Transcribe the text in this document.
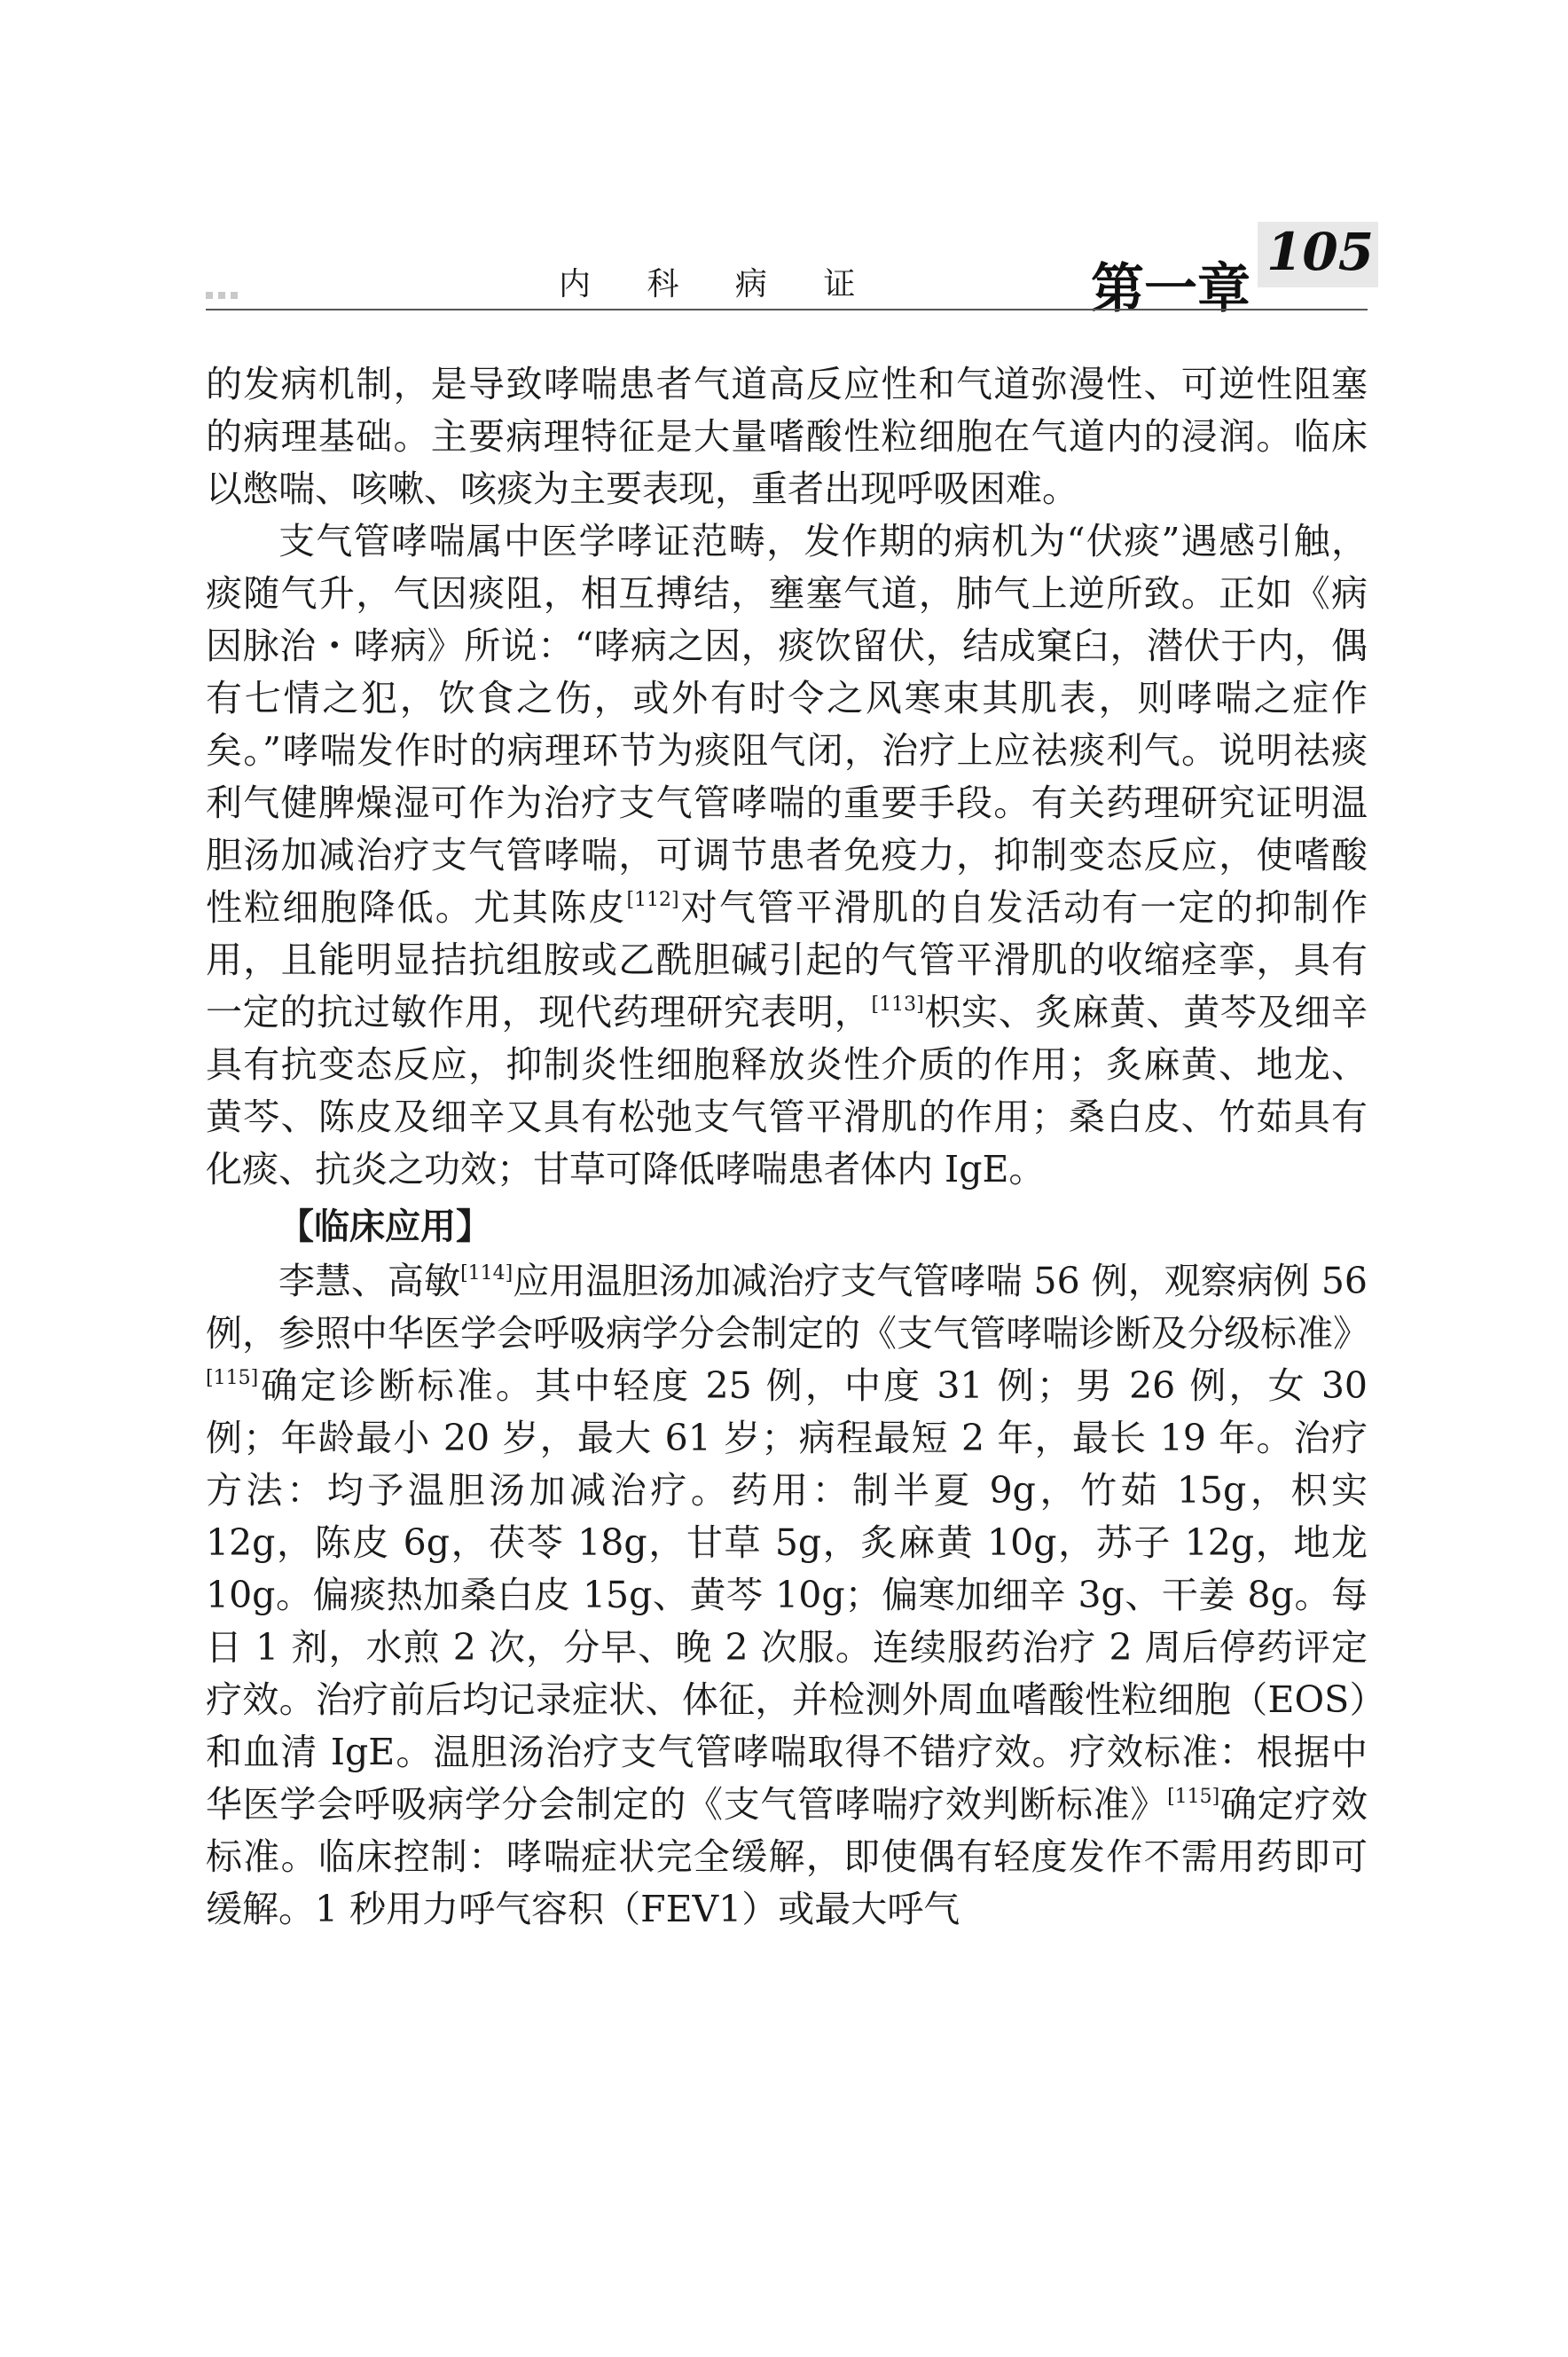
内 科 病 证	第一章
105

的发病机制，是导致哮喘患者气道高反应性和气道弥漫性、可逆性阻塞的病理基础。主要病理特征是大量嗜酸性粒细胞在气道内的浸润。临床以憋喘、咳嗽、咳痰为主要表现，重者出现呼吸困难。

支气管哮喘属中医学哮证范畴，发作期的病机为“伏痰”遇感引触，痰随气升，气因痰阻，相互搏结，壅塞气道，肺气上逆所致。正如《病因脉治・哮病》所说：“哮病之因，痰饮留伏，结成窠臼，潜伏于内，偶有七情之犯，饮食之伤，或外有时令之风寒束其肌表，则哮喘之症作矣。”哮喘发作时的病理环节为痰阻气闭，治疗上应祛痰利气。说明祛痰利气健脾燥湿可作为治疗支气管哮喘的重要手段。有关药理研究证明温胆汤加减治疗支气管哮喘，可调节患者免疫力，抑制变态反应，使嗜酸性粒细胞降低。尤其陈皮[112]对气管平滑肌的自发活动有一定的抑制作用，且能明显拮抗组胺或乙酰胆碱引起的气管平滑肌的收缩痉挛，具有一定的抗过敏作用，现代药理研究表明，[113]枳实、炙麻黄、黄芩及细辛具有抗变态反应，抑制炎性细胞释放炎性介质的作用；炙麻黄、地龙、黄芩、陈皮及细辛又具有松弛支气管平滑肌的作用；桑白皮、竹茹具有化痰、抗炎之功效；甘草可降低哮喘患者体内 IgE。

【临床应用】

李慧、高敏[114]应用温胆汤加减治疗支气管哮喘 56 例，观察病例 56 例，参照中华医学会呼吸病学分会制定的《支气管哮喘诊断及分级标准》[115]确定诊断标准。其中轻度 25 例，中度 31 例；男 26 例，女 30 例；年龄最小 20 岁，最大 61 岁；病程最短 2 年，最长 19 年。治疗方法：均予温胆汤加减治疗。药用：制半夏 9g，竹茹 15g，枳实 12g，陈皮 6g，茯苓 18g，甘草 5g，炙麻黄 10g，苏子 12g，地龙 10g。偏痰热加桑白皮 15g、黄芩 10g；偏寒加细辛 3g、干姜 8g。每日 1 剂，水煎 2 次，分早、晚 2 次服。连续服药治疗 2 周后停药评定疗效。治疗前后均记录症状、体征，并检测外周血嗜酸性粒细胞（EOS）和血清 IgE。温胆汤治疗支气管哮喘取得不错疗效。疗效标准：根据中华医学会呼吸病学分会制定的《支气管哮喘疗效判断标准》[115]确定疗效标准。临床控制：哮喘症状完全缓解，即使偶有轻度发作不需用药即可缓解。1 秒用力呼气容积（FEV1）或最大呼气
